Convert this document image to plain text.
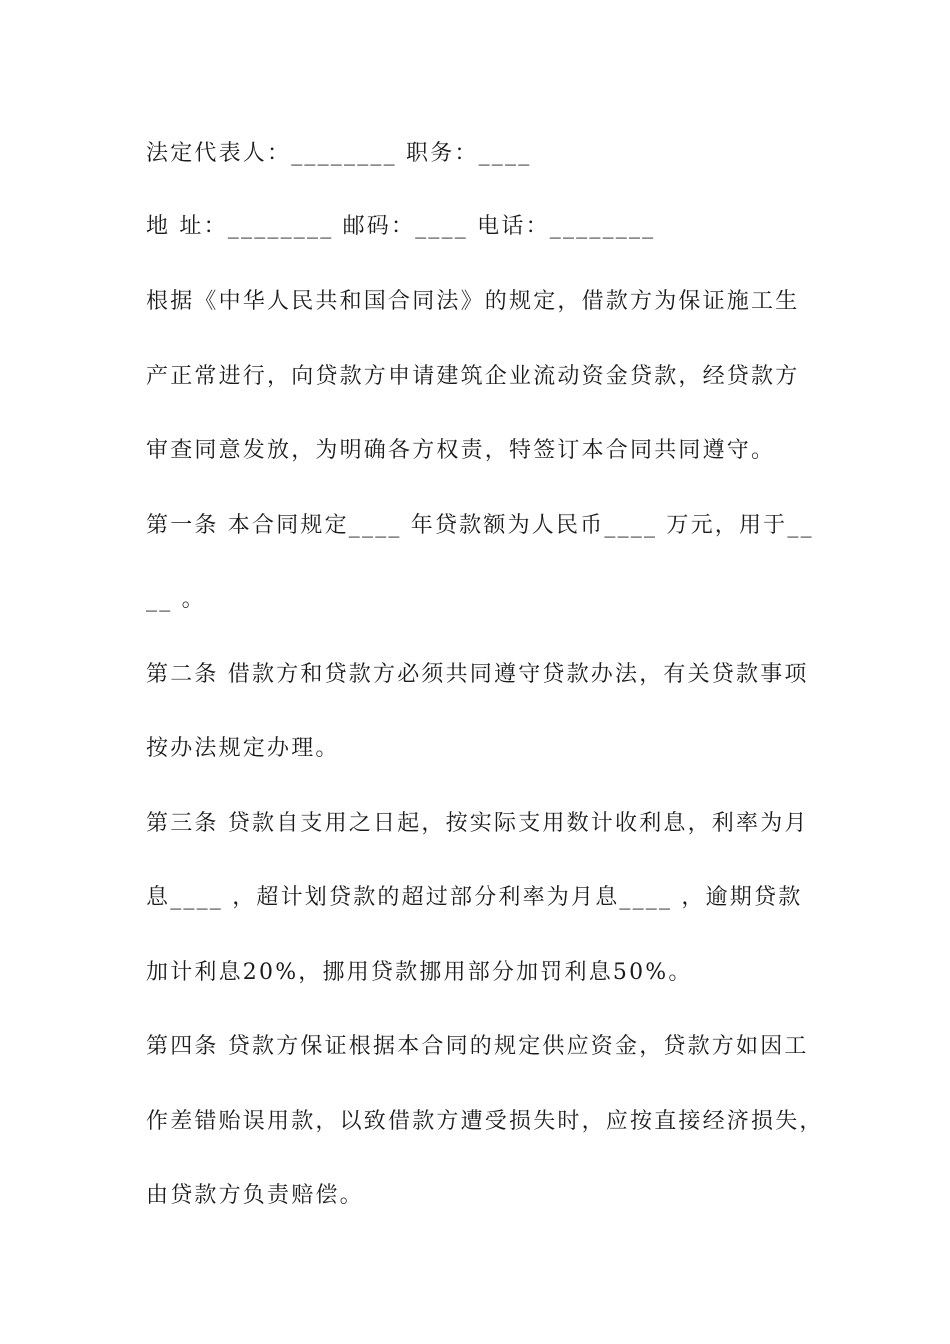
法定代表人：________ 职务：____
地 址：________ 邮码：____ 电话：________
根据《中华人民共和国合同法》的规定，借款方为保证施工生
产正常进行，向贷款方申请建筑企业流动资金贷款，经贷款方
审查同意发放，为明确各方权责，特签订本合同共同遵守。
第一条 本合同规定____ 年贷款额为人民币____ 万元，用于__
__ 。
第二条 借款方和贷款方必须共同遵守贷款办法，有关贷款事项
按办法规定办理。
第三条 贷款自支用之日起，按实际支用数计收利息，利率为月
息____ ，超计划贷款的超过部分利率为月息____ ，逾期贷款
加计利息20%，挪用贷款挪用部分加罚利息50%。
第四条 贷款方保证根据本合同的规定供应资金，贷款方如因工
作差错贻误用款，以致借款方遭受损失时，应按直接经济损失，
由贷款方负责赔偿。
